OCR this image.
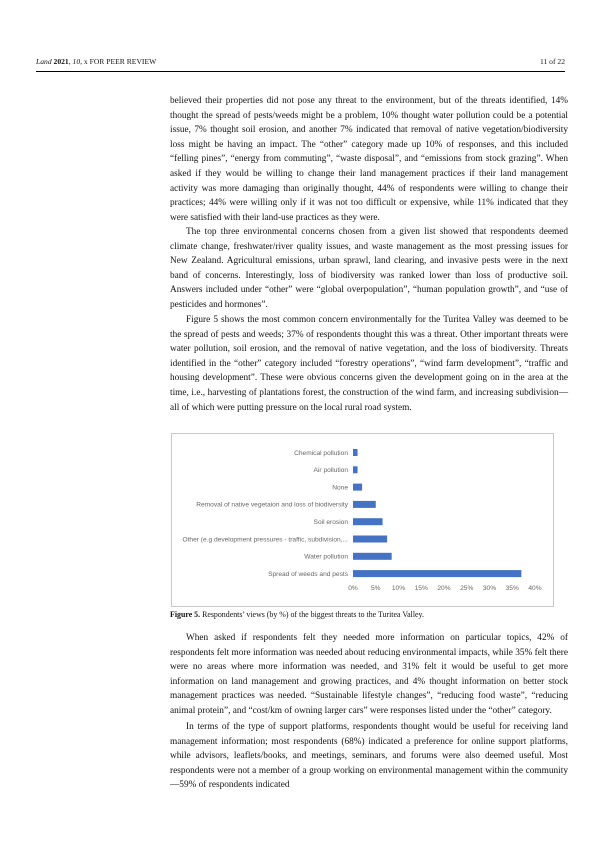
Land 2021, 10, x FOR PEER REVIEW	11 of 22

believed their properties did not pose any threat to the environment, but of the threats identified, 14% thought the spread of pests/weeds might be a problem, 10% thought water pollution could be a potential issue, 7% thought soil erosion, and another 7% indicated that removal of native vegetation/biodiversity loss might be having an impact. The “other” category made up 10% of responses, and this included “felling pines”, “energy from commuting”, “waste disposal”, and “emissions from stock grazing”. When asked if they would be willing to change their land management practices if their land management activity was more damaging than originally thought, 44% of respondents were willing to change their practices; 44% were willing only if it was not too difficult or expensive, while 11% indicated that they were satisfied with their land-use practices as they were.

The top three environmental concerns chosen from a given list showed that respondents deemed climate change, freshwater/river quality issues, and waste management as the most pressing issues for New Zealand. Agricultural emissions, urban sprawl, land clearing, and invasive pests were in the next band of concerns. Interestingly, loss of biodiversity was ranked lower than loss of productive soil. Answers included under “other” were “global overpopulation”, “human population growth”, and “use of pesticides and hormones”.

Figure 5 shows the most common concern environmentally for the Turitea Valley was deemed to be the spread of pests and weeds; 37% of respondents thought this was a threat. Other important threats were water pollution, soil erosion, and the removal of native vegetation, and the loss of biodiversity. Threats identified in the “other” category included “forestry operations”, “wind farm development”, “traffic and housing development”. These were obvious concerns given the development going on in the area at the time, i.e., harvesting of plantations forest, the construction of the wind farm, and increasing subdivision—all of which were putting pressure on the local rural road system.

Chemical pollution
Air pollution
None
Removal of native vegetaion and loss of biodiversity
Soil erosion
Other (e.g development pressures - traffic, subdivision,...
Water pollution
Spread of weeds and pests
0% 5% 10% 15% 20% 25% 30% 35% 40%
Figure 5. Respondents’ views (by %) of the biggest threats to the Turitea Valley.

When asked if respondents felt they needed more information on particular topics, 42% of respondents felt more information was needed about reducing environmental impacts, while 35% felt there were no areas where more information was needed, and 31% felt it would be useful to get more information on land management and growing practices, and 4% thought information on better stock management practices was needed. “Sustainable lifestyle changes”, “reducing food waste”, “reducing animal protein”, and “cost/km of owning larger cars” were responses listed under the “other” category.

In terms of the type of support platforms, respondents thought would be useful for receiving land management information; most respondents (68%) indicated a preference for online support platforms, while advisors, leaflets/books, and meetings, seminars, and forums were also deemed useful. Most respondents were not a member of a group working on environmental management within the community—59% of respondents indicated
